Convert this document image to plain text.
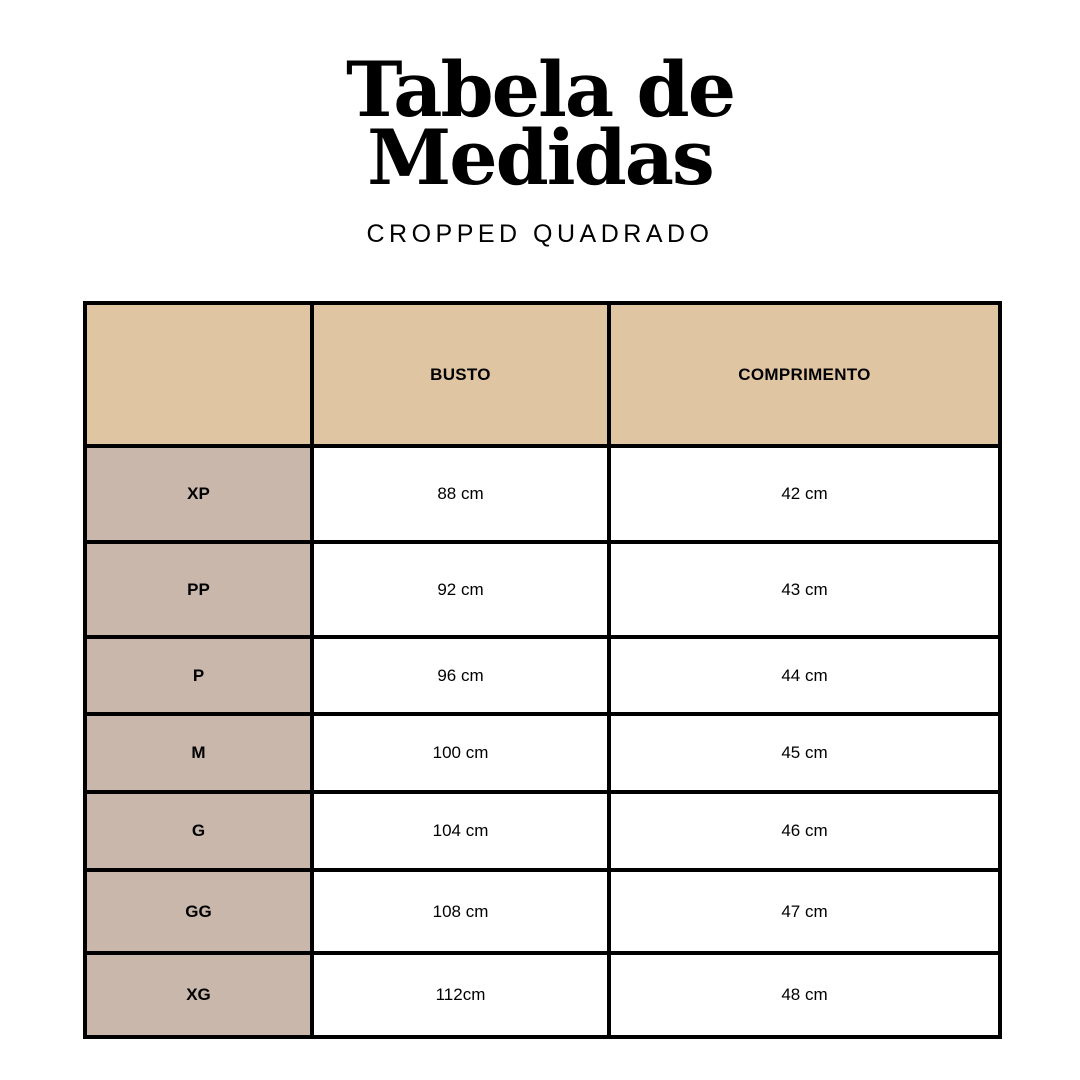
Tabela de
Medidas
CROPPED QUADRADO
	BUSTO	COMPRIMENTO
XP	88 cm	42 cm
PP	92 cm	43 cm
P	96 cm	44 cm
M	100 cm	45 cm
G	104 cm	46 cm
GG	108 cm	47 cm
XG	112cm	48 cm
